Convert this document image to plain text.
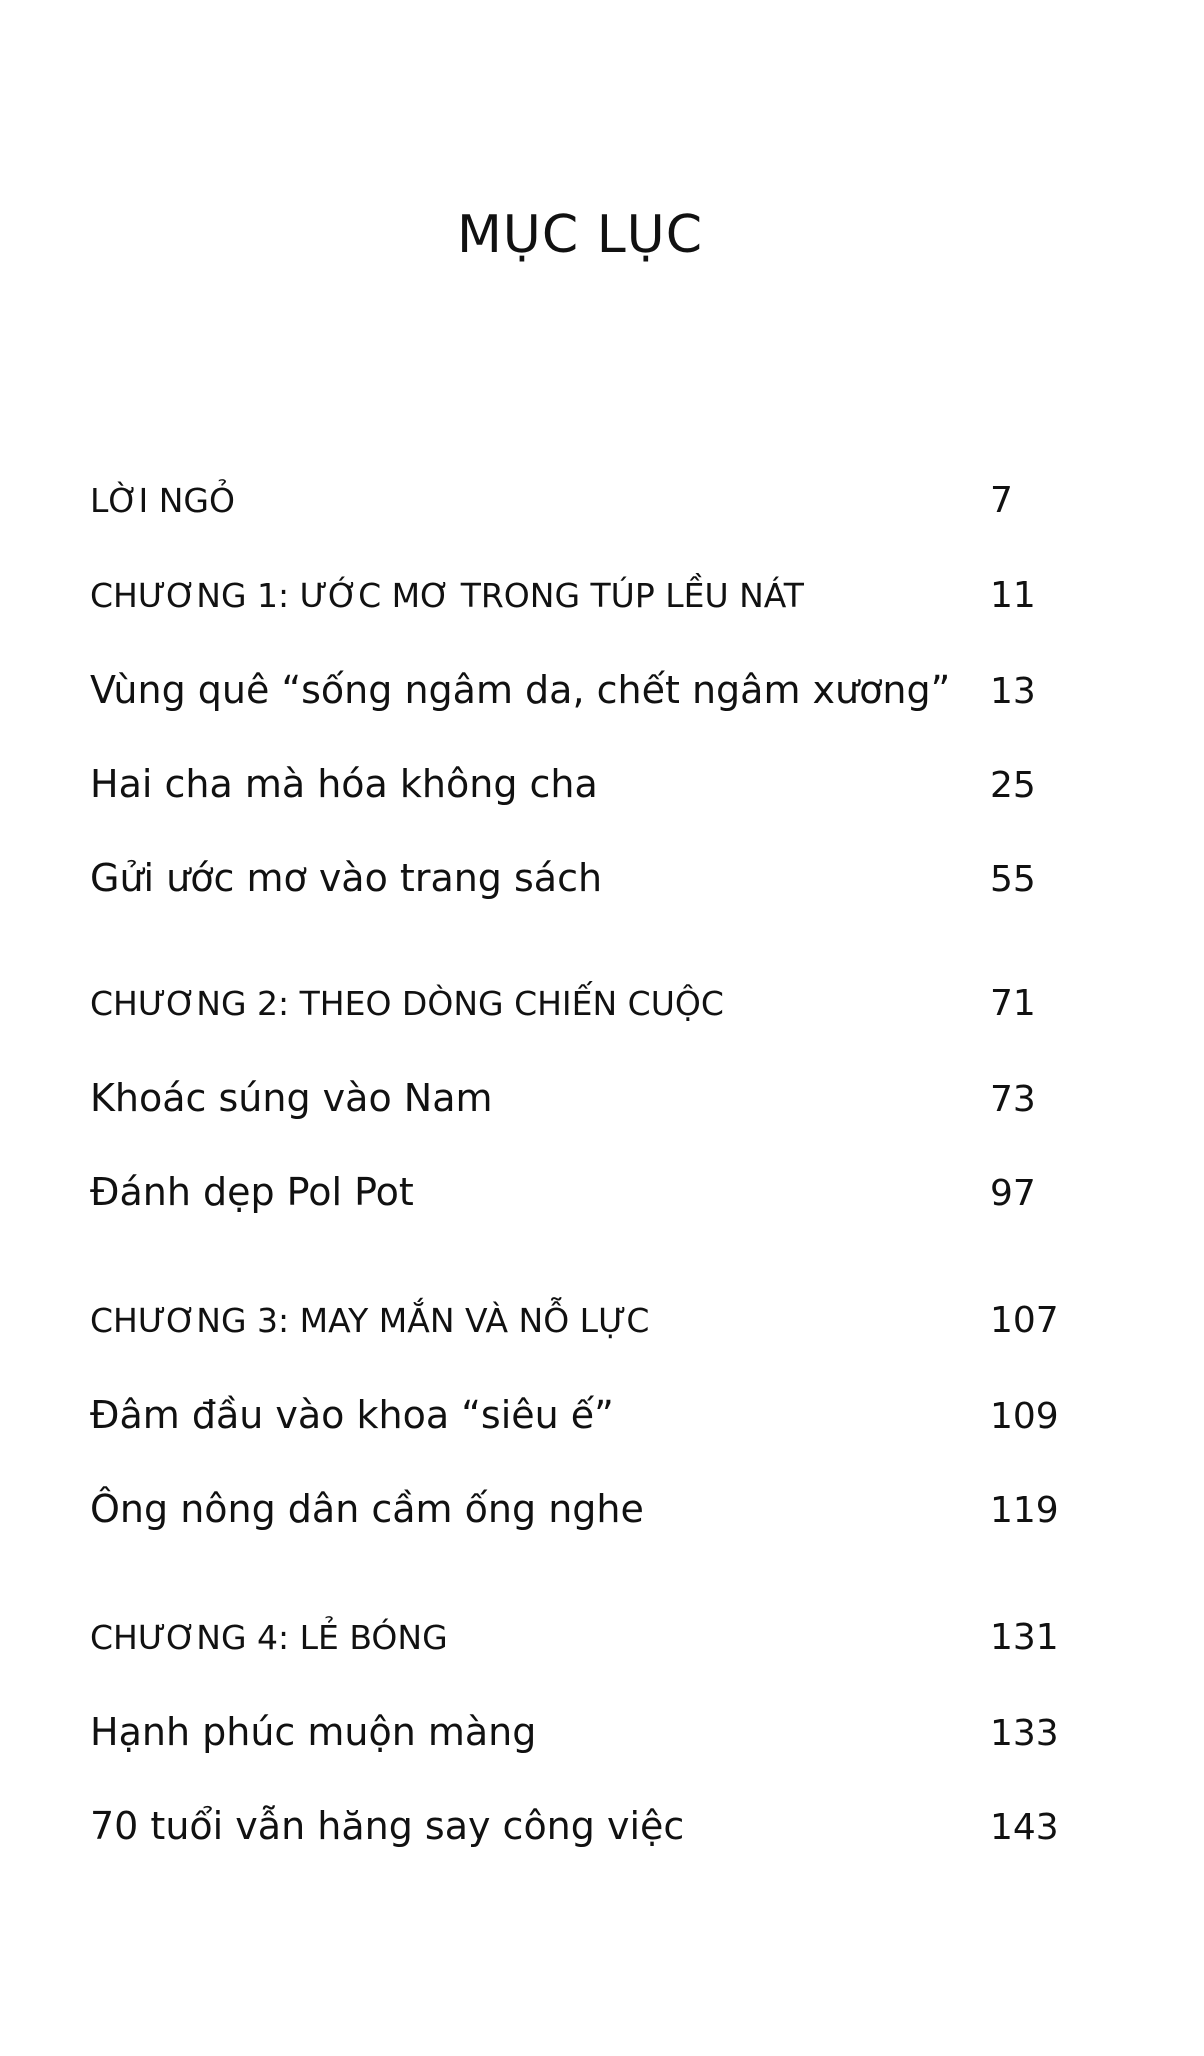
MỤC LỤC
LỜI NGỎ	7
CHƯƠNG 1: ƯỚC MƠ TRONG TÚP LỀU NÁT	11
Vùng quê “sống ngâm da, chết ngâm xương” 13
Hai cha mà hóa không cha	25
Gửi ước mơ vào trang sách	55
CHƯƠNG 2: THEO DÒNG CHIẾN CUỘC	71
Khoác súng vào Nam	73
Đánh dẹp Pol Pot	97
CHƯƠNG 3: MAY MẮN VÀ NỖ LỰC	107
Đâm đầu vào khoa “siêu ế”	109
Ông nông dân cầm ống nghe	119
CHƯƠNG 4: LẺ BÓNG	131
Hạnh phúc muộn màng	133
70 tuổi vẫn hăng say công việc	143
